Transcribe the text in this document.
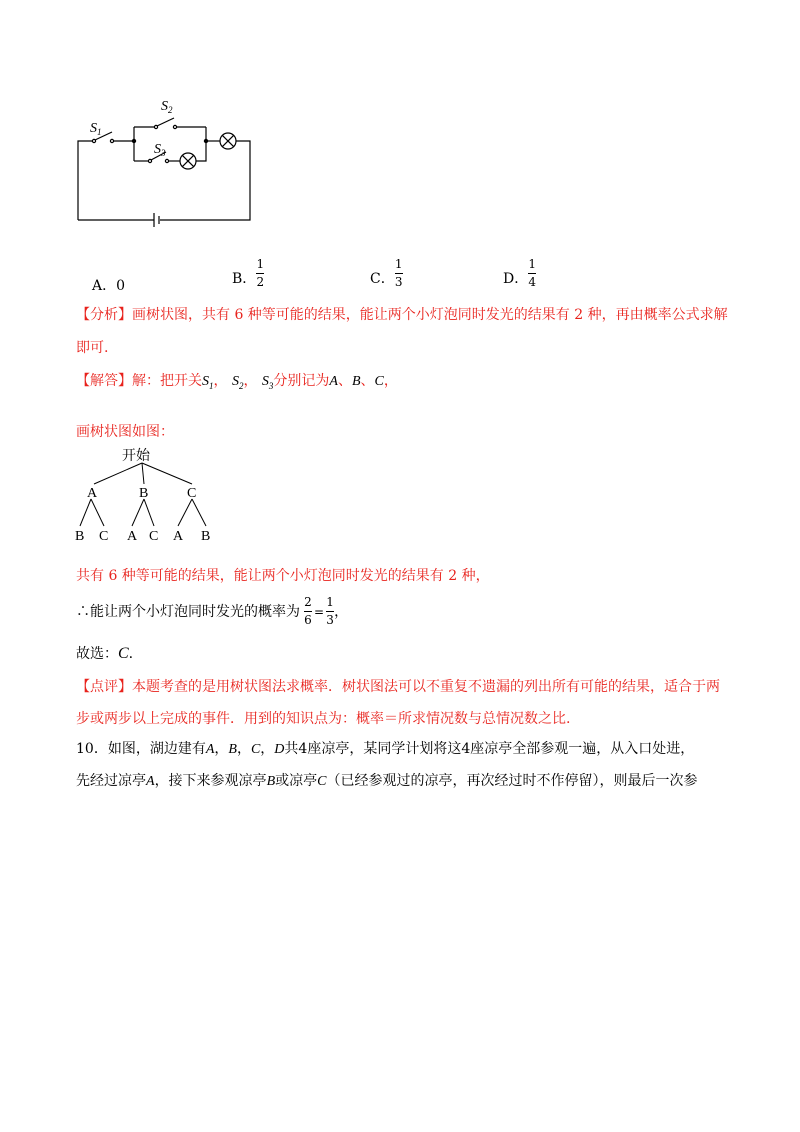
$S_1$
$S_2$
$S_3$
A．0	B． $\frac{1}{2}$	C． $\frac{1}{3}$	D． $\frac{1}{4}$
【分析】画树状图，共有 6 种等可能的结果，能让两个小灯泡同时发光的结果有 2 种，再由概率公式求解
即可.
【解答】解：把开关$S_1$， $S_2$， $S_3$分别记为A、B、C，
画树状图如图：
开始
A	B	C
B C A C A B
共有 6 种等可能的结果，能让两个小灯泡同时发光的结果有 2 种，
∴能让两个小灯泡同时发光的概率为 $\frac{2}{6} = \frac{1}{3}$ ，
故选：C.
【点评】本题考查的是用树状图法求概率．树状图法可以不重复不遗漏的列出所有可能的结果，适合于两
步或两步以上完成的事件．用到的知识点为：概率＝所求情况数与总情况数之比.
10．如图，湖边建有A，B，C，D共4座凉亭，某同学计划将这4座凉亭全部参观一遍，从入口处进，
先经过凉亭A，接下来参观凉亭B或凉亭C（已经参观过的凉亭，再次经过时不作停留），则最后一次参
